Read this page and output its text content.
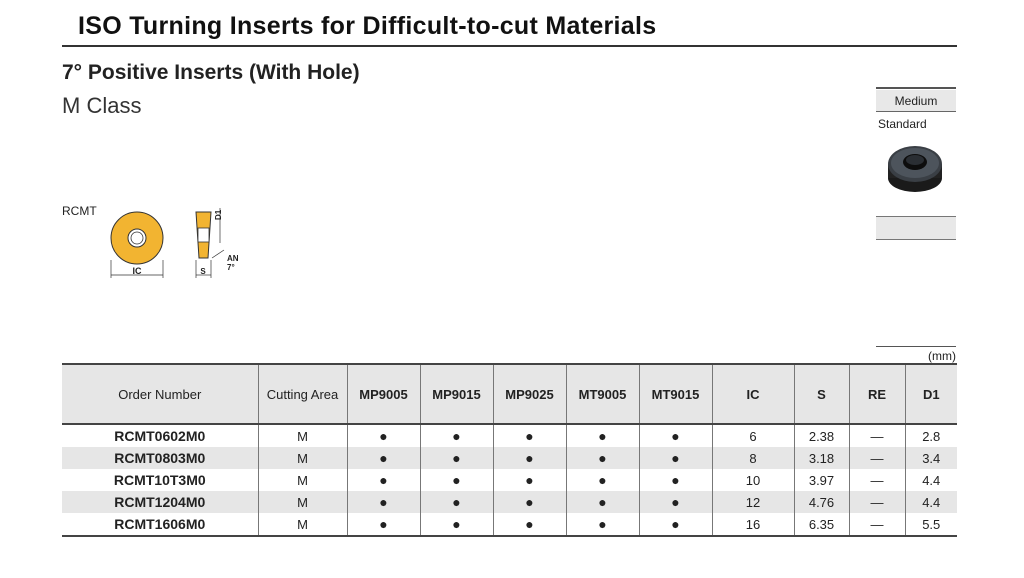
ISO Turning Inserts for Difficult-to-cut Materials
7° Positive Inserts (With Hole)
M Class	Medium
Standard
RCMT
IC	S
D1
AN
7°
(mm)
Order Number	Cutting Area	MP9005	MP9015	MP9025	MT9005	MT9015	IC	S	RE	D1
RCMT0602M0	M	●	●	●	●	●	6	2.38	—	2.8
RCMT0803M0	M	●	●	●	●	●	8	3.18	—	3.4
RCMT10T3M0	M	●	●	●	●	●	10	3.97	—	4.4
RCMT1204M0	M	●	●	●	●	●	12	4.76	—	4.4
RCMT1606M0	M	●	●	●	●	●	16	6.35	—	5.5
